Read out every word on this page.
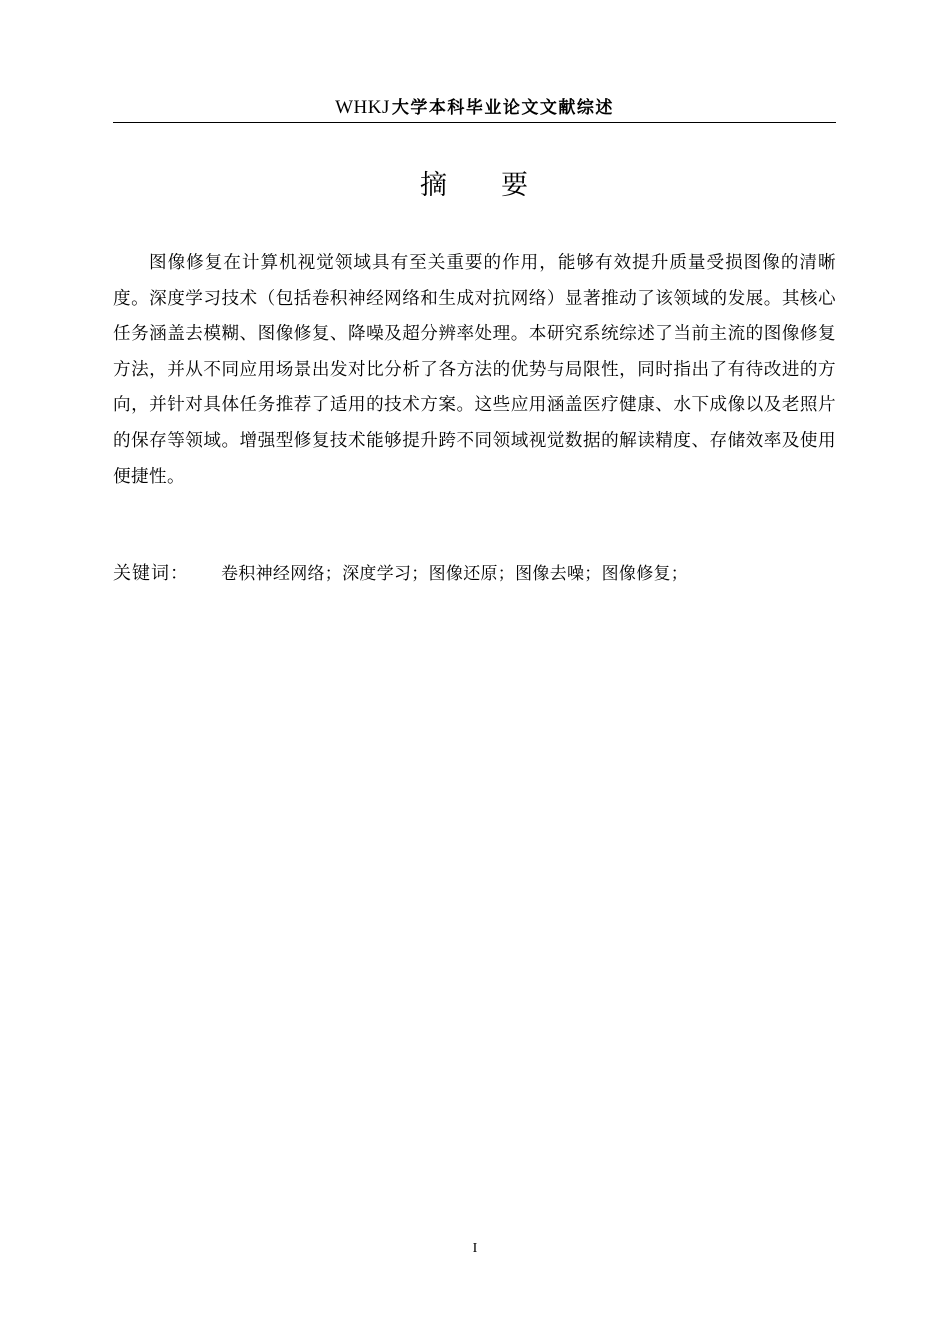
WHKJ 大学本科毕业论文文献综述
摘 要

图像修复在计算机视觉领域具有至关重要的作用，能够有效提升质量受损图像的清晰度。深度学习技术（包括卷积神经网络和生成对抗网络）显著推动了该领域的发展。其核心任务涵盖去模糊、图像修复、降噪及超分辨率处理。本研究系统综述了当前主流的图像修复方法，并从不同应用场景出发对比分析了各方法的优势与局限性，同时指出了有待改进的方向，并针对具体任务推荐了适用的技术方案。这些应用涵盖医疗健康、水下成像以及老照片的保存等领域。增强型修复技术能够提升跨不同领域视觉数据的解读精度、存储效率及使用便捷性。

关键词： 卷积神经网络；深度学习；图像还原；图像去噪；图像修复；
I
